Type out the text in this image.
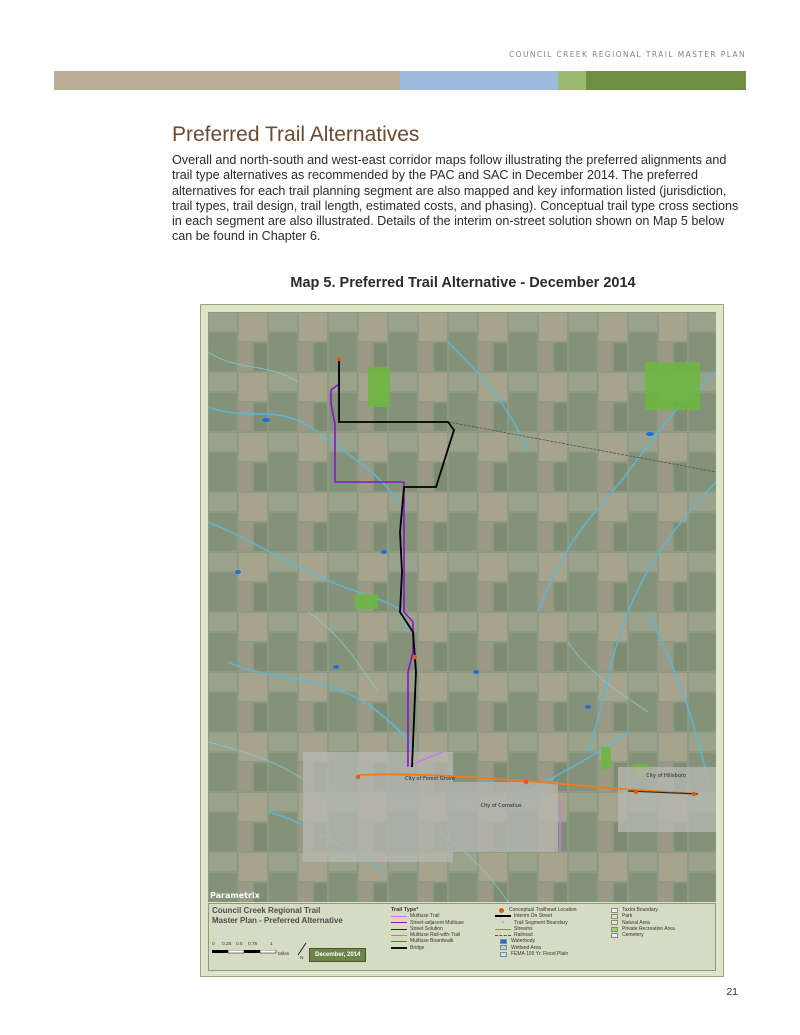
COUNCIL CREEK REGIONAL TRAIL MASTER PLAN
Preferred Trail Alternatives

Overall and north-south and west-east corridor maps follow illustrating the preferred alignments and trail type alternatives as recommended by the PAC and SAC in December 2014. The preferred alternatives for each trail planning segment are also mapped and key information listed (jurisdiction, trail types, trail design, trail length, estimated costs, and phasing). Conceptual trail type cross sections in each segment are also illustrated. Details of the interim on-street solution shown on Map 5 below can be found in Chapter 6.

Map 5. Preferred Trail Alternative - December 2014
City of Forest Grove
City of Cornelius
City of Hillsboro
Parametrix
Council Creek Regional Trail
Master Plan - Preferred Alternative
0 0.25 0.5 0.75	1
Miles
N
December, 2014
Trail Type*
Multiuse Trail
Street-adjacent Multiuse
Street Solution
Multiuse Rail-with-Trail
Multiuse Boardwalk
Bridge
Conceptual Trailhead Location
Interim On Street
×	Trail Segment Boundary
Streams
Railroad
Waterbody
Wetland Area
FEMA 100 Yr. Flood Plain
Taxlot Boundary
Park
Natural Area
Private Recreation Area
Cemetery
21
